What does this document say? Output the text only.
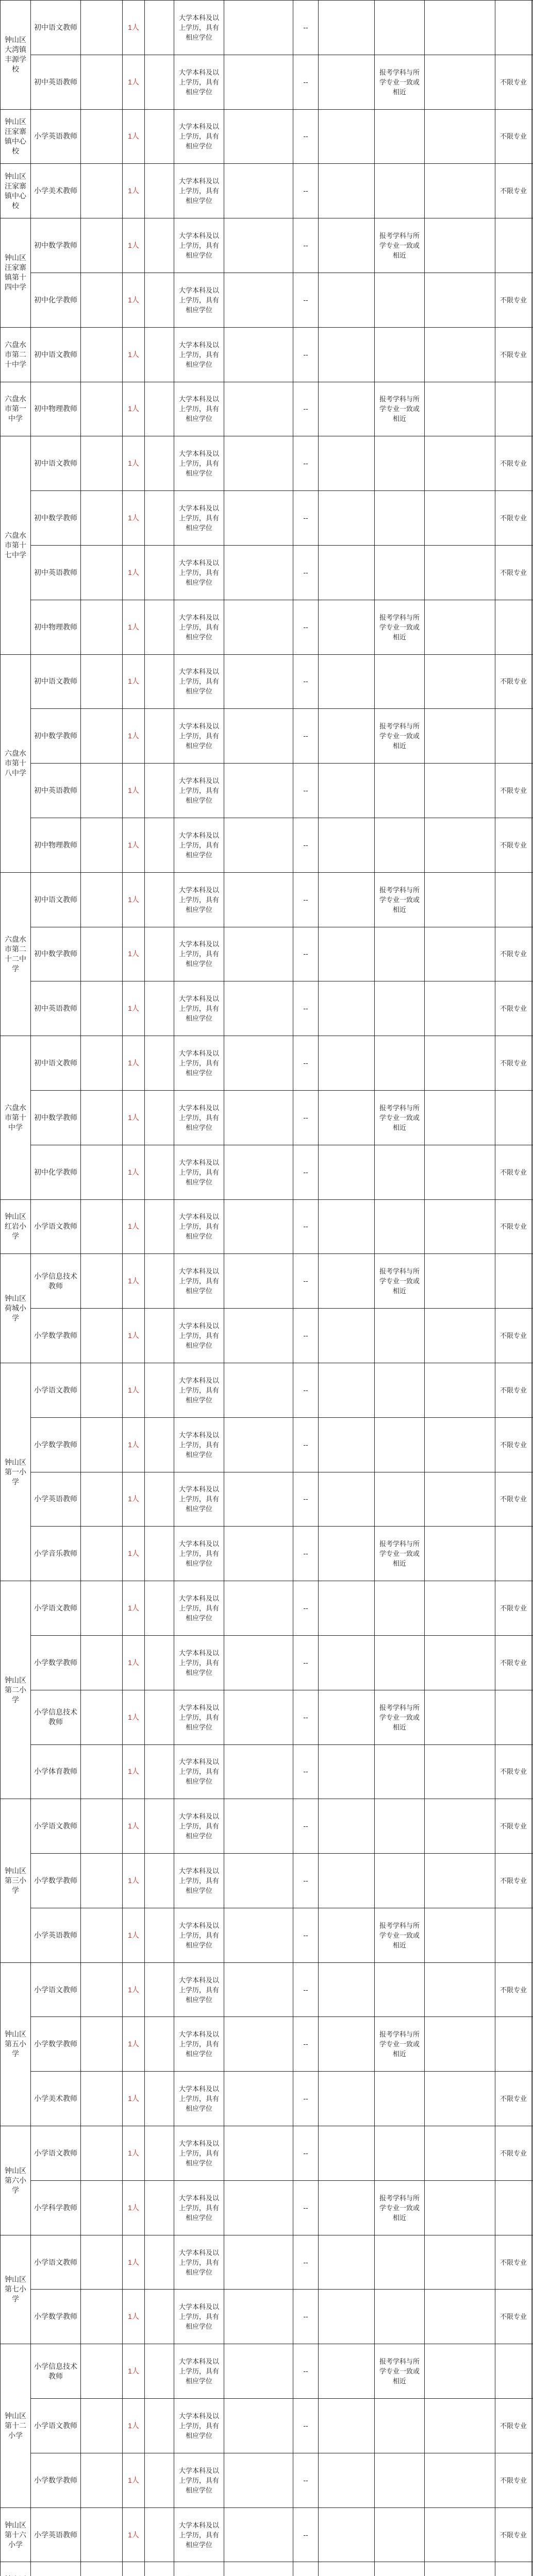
钟山区大湾镇丰源学校	初中语文教师		1人		大学本科及以上学历，具有相应学位		--					
	初中英语教师		1人		大学本科及以上学历，具有相应学位		--		报考学科与所学专业一致或相近		不限专业	
钟山区汪家寨镇中心校	小学英语教师		1人		大学本科及以上学历，具有相应学位		--				不限专业	
钟山区汪家寨镇中心校	小学美术教师		1人		大学本科及以上学历，具有相应学位		--				不限专业	
钟山区汪家寨镇第十四中学	初中数学教师		1人		大学本科及以上学历，具有相应学位		--		报考学科与所学专业一致或相近			
	初中化学教师		1人		大学本科及以上学历，具有相应学位		--				不限专业	
六盘水市第二十中学	初中语文教师		1人		大学本科及以上学历，具有相应学位		--				不限专业	
六盘水市第一中学	初中物理教师		1人		大学本科及以上学历，具有相应学位		--		报考学科与所学专业一致或相近			
六盘水市第十七中学	初中语文教师		1人		大学本科及以上学历，具有相应学位		--				不限专业	
	初中数学教师		1人		大学本科及以上学历，具有相应学位		--				不限专业	
	初中英语教师		1人		大学本科及以上学历，具有相应学位		--				不限专业	
	初中物理教师		1人		大学本科及以上学历，具有相应学位		--		报考学科与所学专业一致或相近			
六盘水市第十八中学	初中语文教师		1人		大学本科及以上学历，具有相应学位		--				不限专业	
	初中数学教师		1人		大学本科及以上学历，具有相应学位		--		报考学科与所学专业一致或相近			
	初中英语教师		1人		大学本科及以上学历，具有相应学位		--				不限专业	
	初中物理教师		1人		大学本科及以上学历，具有相应学位		--				不限专业	
六盘水市第二十二中学	初中语文教师		1人		大学本科及以上学历，具有相应学位		--		报考学科与所学专业一致或相近			
	初中数学教师		1人		大学本科及以上学历，具有相应学位		--				不限专业	
	初中英语教师		1人		大学本科及以上学历，具有相应学位		--				不限专业	
六盘水市第十中学	初中语文教师		1人		大学本科及以上学历，具有相应学位		--				不限专业	
	初中数学教师		1人		大学本科及以上学历，具有相应学位		--		报考学科与所学专业一致或相近			
	初中化学教师		1人		大学本科及以上学历，具有相应学位		--				不限专业	
钟山区红岩小学	小学语文教师		1人		大学本科及以上学历，具有相应学位		--				不限专业	
钟山区荷城小学	小学信息技术教师		1人		大学本科及以上学历，具有相应学位		--		报考学科与所学专业一致或相近			
	小学数学教师		1人		大学本科及以上学历，具有相应学位		--				不限专业	
钟山区第一小学	小学语文教师		1人		大学本科及以上学历，具有相应学位		--				不限专业	
	小学数学教师		1人		大学本科及以上学历，具有相应学位		--				不限专业	
	小学英语教师		1人		大学本科及以上学历，具有相应学位		--				不限专业	
	小学音乐教师		1人		大学本科及以上学历，具有相应学位		--		报考学科与所学专业一致或相近			
钟山区第二小学	小学语文教师		1人		大学本科及以上学历，具有相应学位		--				不限专业	
	小学数学教师		1人		大学本科及以上学历，具有相应学位		--				不限专业	
	小学信息技术教师		1人		大学本科及以上学历，具有相应学位		--		报考学科与所学专业一致或相近			
	小学体育教师		1人		大学本科及以上学历，具有相应学位		--				不限专业	
钟山区第三小学	小学语文教师		1人		大学本科及以上学历，具有相应学位		--				不限专业	
	小学数学教师		1人		大学本科及以上学历，具有相应学位		--				不限专业	
	小学英语教师		1人		大学本科及以上学历，具有相应学位		--		报考学科与所学专业一致或相近			
钟山区第五小学	小学语文教师		1人		大学本科及以上学历，具有相应学位		--				不限专业	
	小学数学教师		1人		大学本科及以上学历，具有相应学位		--		报考学科与所学专业一致或相近			
	小学美术教师		1人		大学本科及以上学历，具有相应学位		--				不限专业	
钟山区第六小学	小学语文教师		1人		大学本科及以上学历，具有相应学位		--				不限专业	
	小学科学教师		1人		大学本科及以上学历，具有相应学位		--		报考学科与所学专业一致或相近			
钟山区第七小学	小学语文教师		1人		大学本科及以上学历，具有相应学位		--				不限专业	
	小学数学教师		1人		大学本科及以上学历，具有相应学位		--				不限专业	
钟山区第十二小学	小学信息技术教师		1人		大学本科及以上学历，具有相应学位		--		报考学科与所学专业一致或相近			
	小学语文教师		1人		大学本科及以上学历，具有相应学位		--				不限专业	
	小学数学教师		1人		大学本科及以上学历，具有相应学位		--				不限专业	
钟山区第十六小学	小学英语教师		1人		大学本科及以上学历，具有相应学位		--				不限专业	
